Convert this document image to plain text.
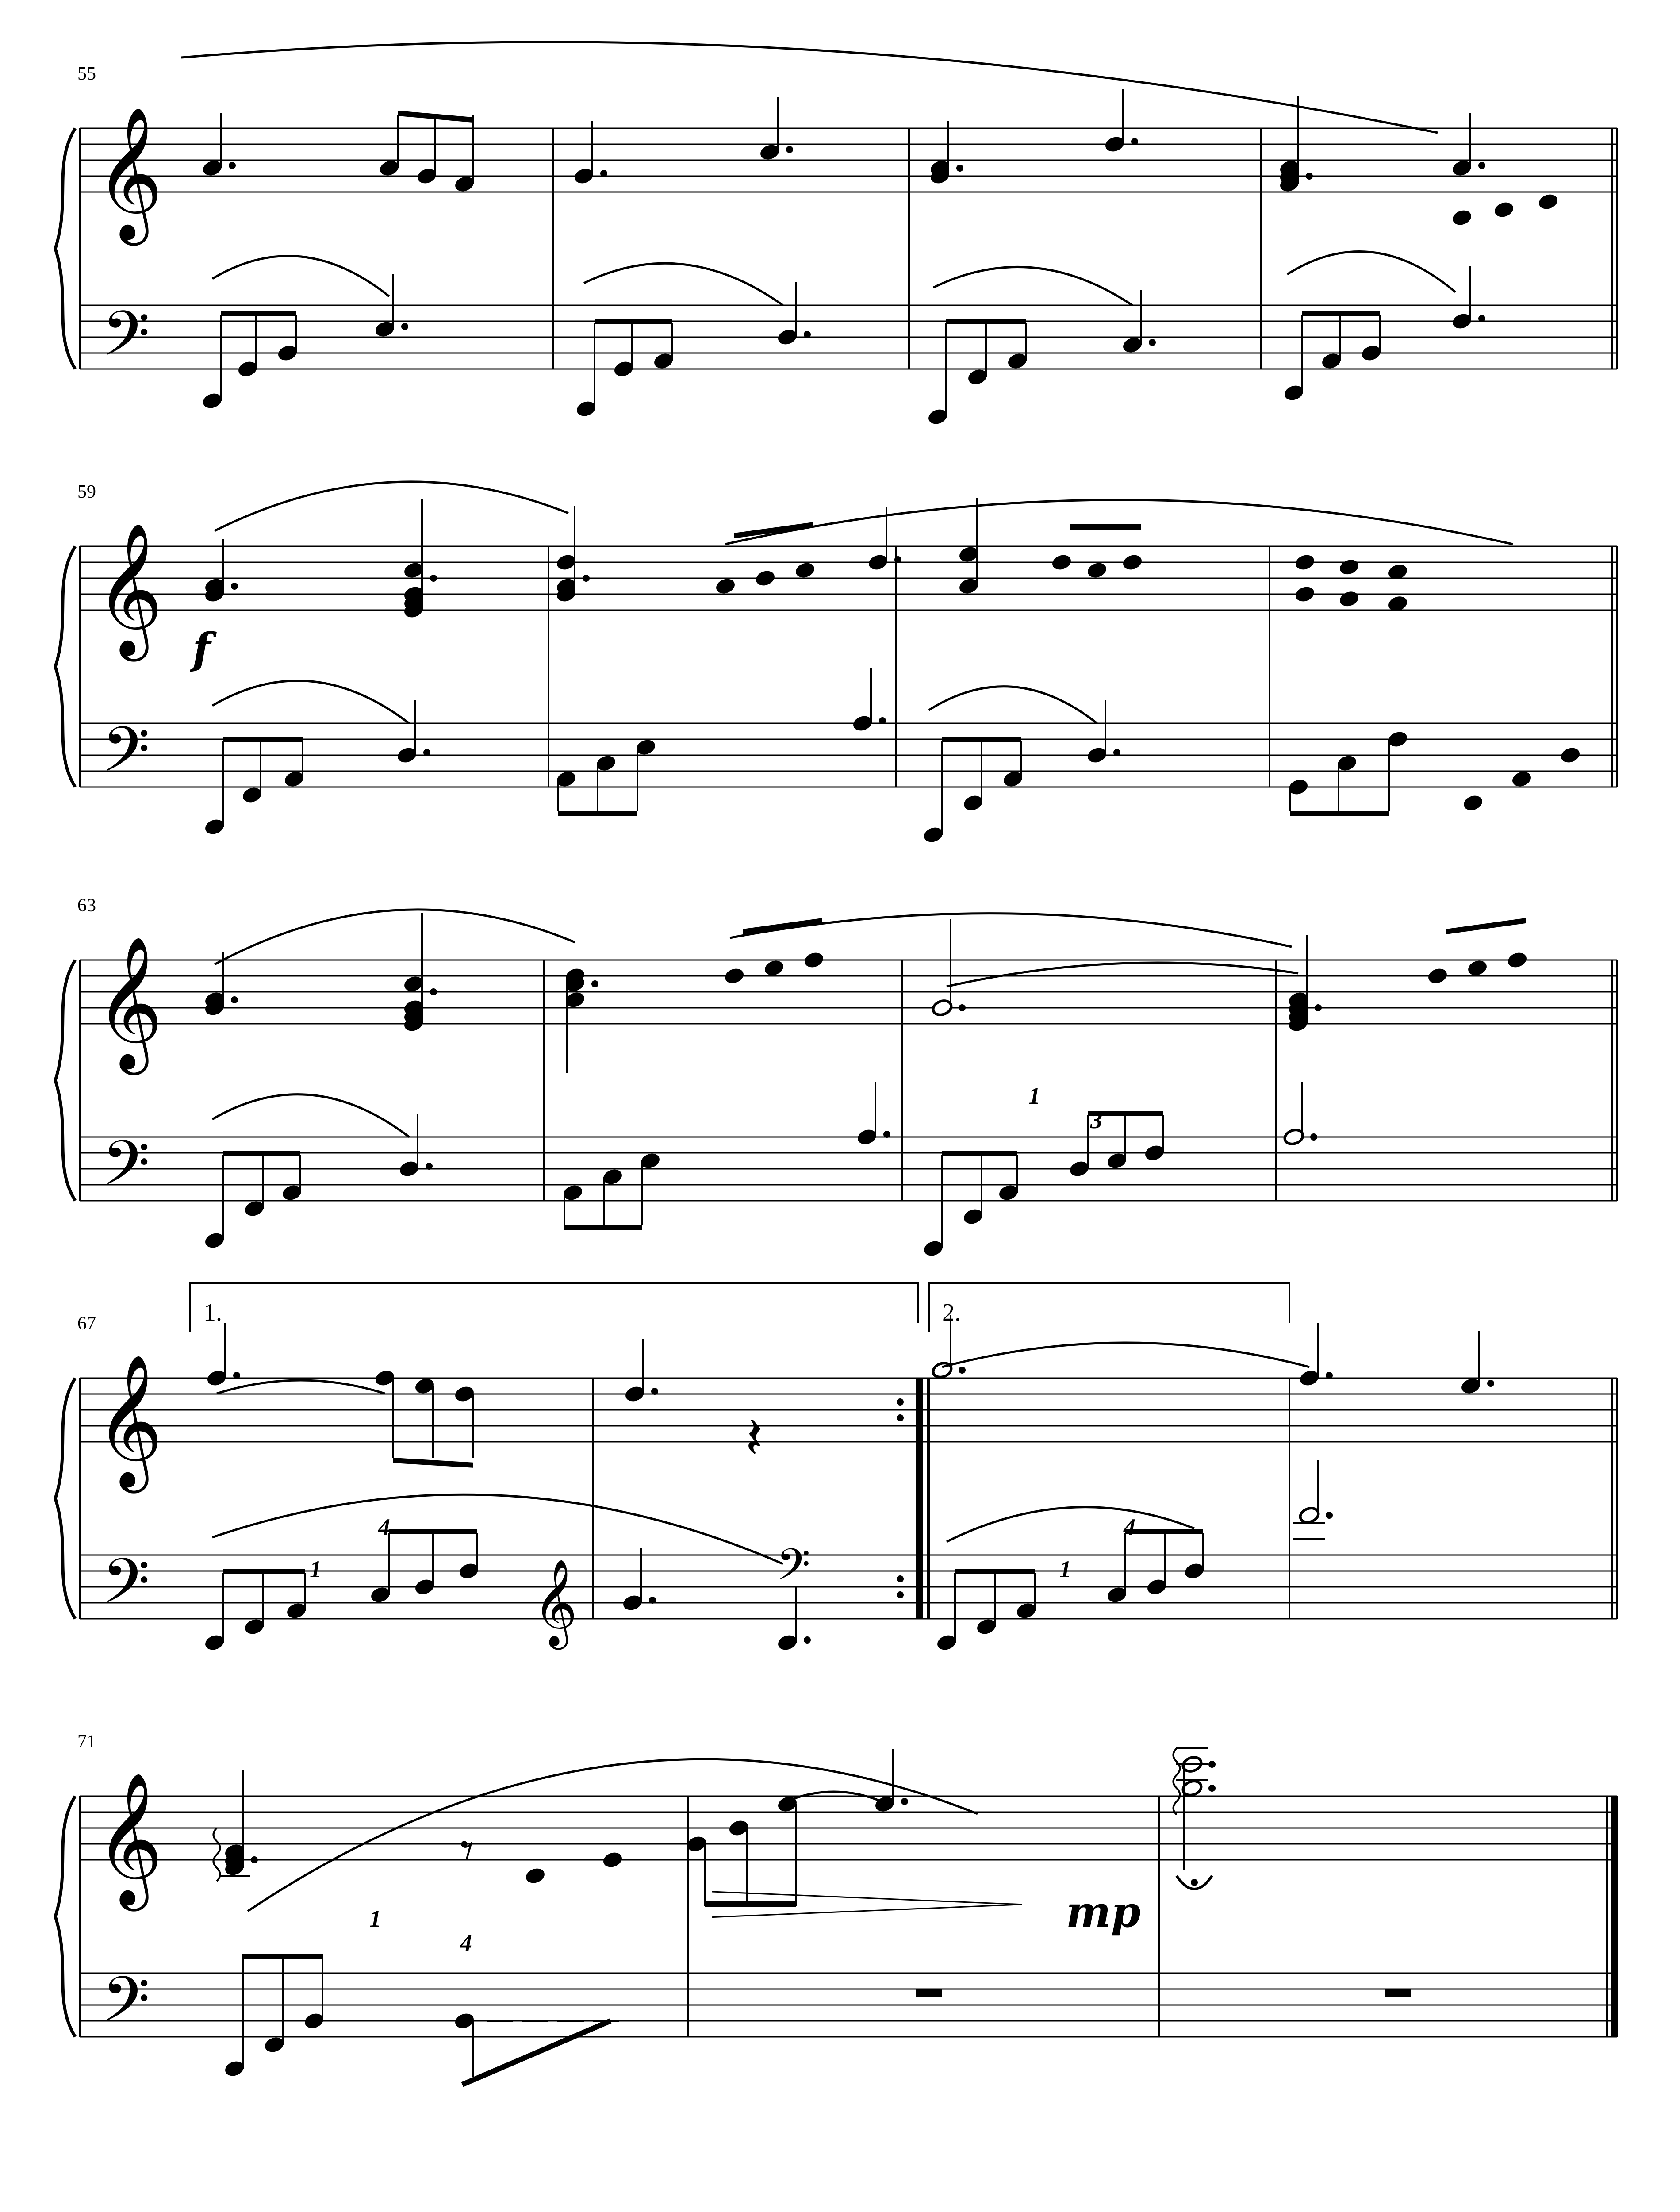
55
59
63
67
71
𝄞
𝄢
𝄞
𝄢
𝄞
𝄢
𝄞
𝄢
𝄞
𝄢
𝄞	𝄢
f
mp
1.	2.
1
3
4
1
4
1
1
4
𝄽
𝄾
